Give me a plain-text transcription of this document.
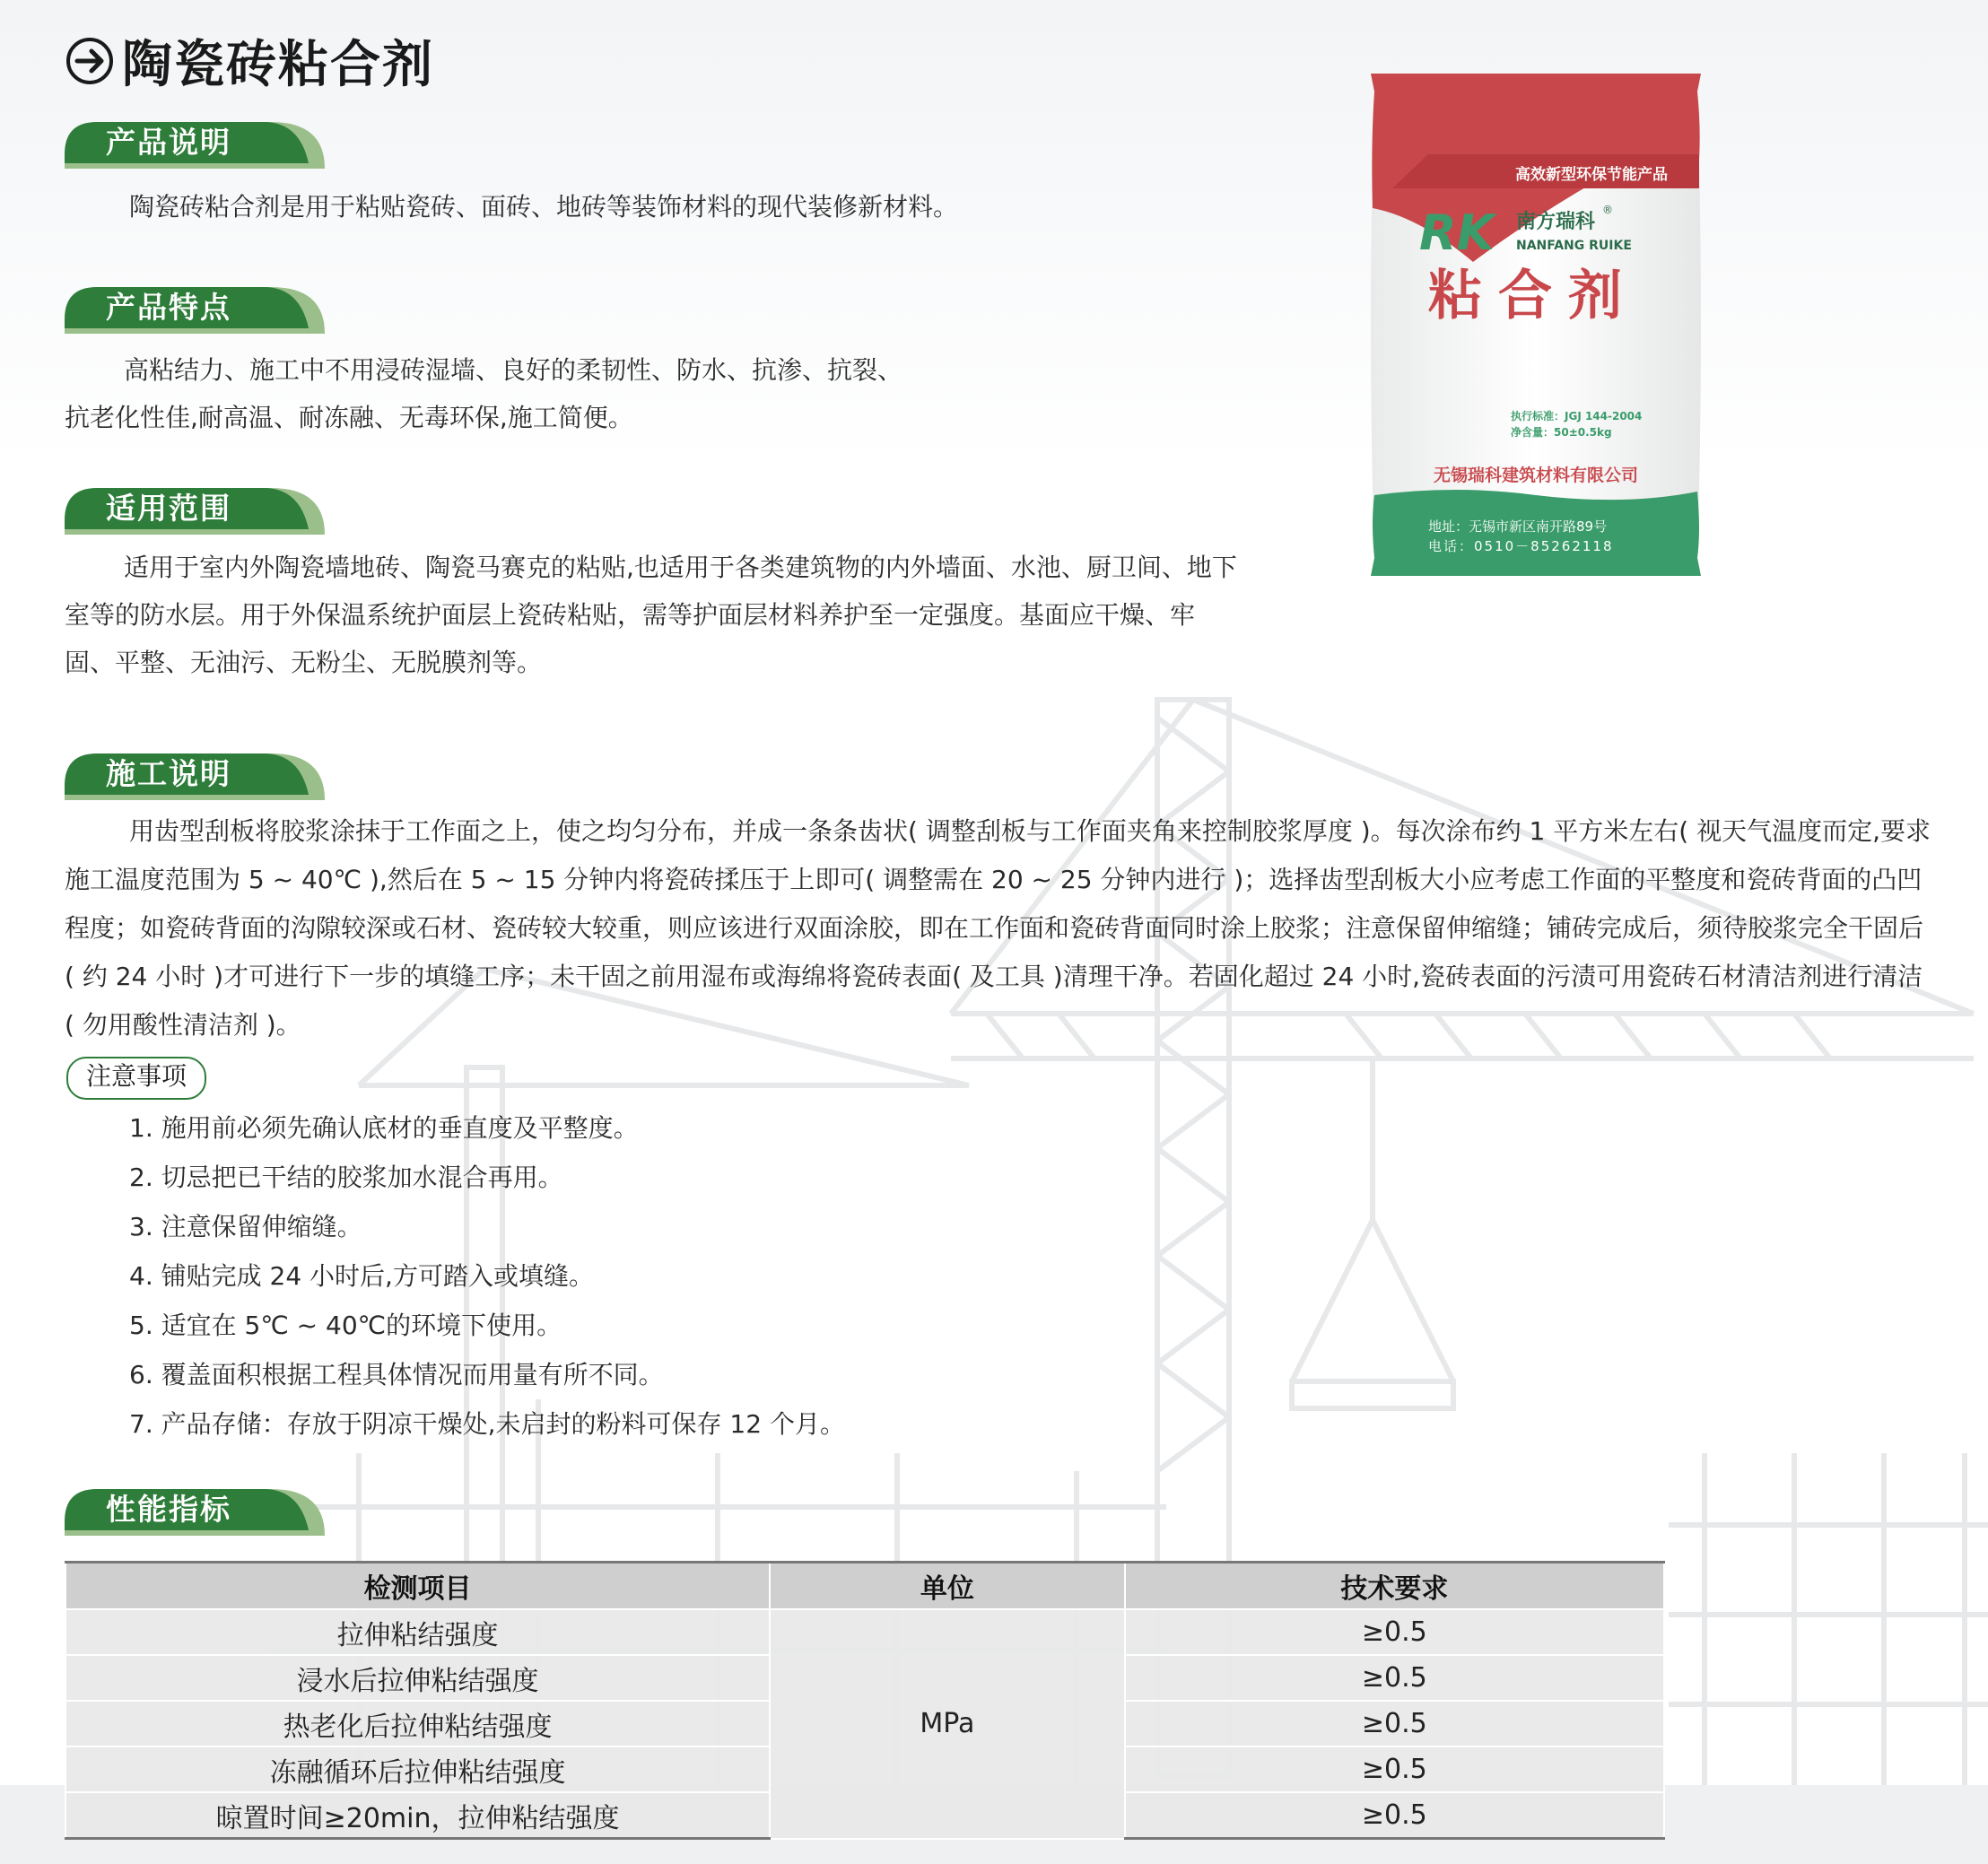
陶瓷砖粘合剂
产品说明

陶瓷砖粘合剂是用于粘贴瓷砖、面砖、地砖等装饰材料的现代装修新材料。

产品特点
高粘结力、施工中不用浸砖湿墙、良好的柔韧性、防水、抗渗、抗裂、
抗老化性佳,耐高温、耐冻融、无毒环保,施工简便。
适用范围

适用于室内外陶瓷墙地砖、陶瓷马赛克的粘贴,也适用于各类建筑物的内外墙面、水池、厨卫间、地下室等的防水层。用于外保温系统护面层上瓷砖粘贴，需等护面层材料养护至一定强度。基面应干燥、牢固、平整、无油污、无粉尘、无脱膜剂等。

施工说明

用齿型刮板将胶浆涂抹于工作面之上，使之均匀分布，并成一条条齿状( 调整刮板与工作面夹角来控制胶浆厚度 )。每次涂布约 1 平方米左右( 视天气温度而定,要求施工温度范围为 5 ~ 40℃ ),然后在 5 ~ 15 分钟内将瓷砖揉压于上即可( 调整需在 20 ~ 25 分钟内进行 )；选择齿型刮板大小应考虑工作面的平整度和瓷砖背面的凸凹程度；如瓷砖背面的沟隙较深或石材、瓷砖较大较重，则应该进行双面涂胶，即在工作面和瓷砖背面同时涂上胶浆；注意保留伸缩缝；铺砖完成后，须待胶浆完全干固后( 约 24 小时 )才可进行下一步的填缝工序；未干固之前用湿布或海绵将瓷砖表面( 及工具 )清理干净。若固化超过 24 小时,瓷砖表面的污渍可用瓷砖石材清洁剂进行清洁( 勿用酸性清洁剂 )。

注意事项
1. 施用前必须先确认底材的垂直度及平整度。
2. 切忌把已干结的胶浆加水混合再用。
3. 注意保留伸缩缝。
4. 铺贴完成 24 小时后,方可踏入或填缝。
5. 适宜在 5℃ ~ 40℃的环境下使用。
6. 覆盖面积根据工程具体情况而用量有所不同。
7. 产品存储：存放于阴凉干燥处,未启封的粉料可保存 12 个月。
性能指标
检测项目	单位	技术要求
拉伸粘结强度	MPa	≥0.5
浸水后拉伸粘结强度		≥0.5
热老化后拉伸粘结强度		≥0.5
冻融循环后拉伸粘结强度		≥0.5
晾置时间≥20min，拉伸粘结强度		≥0.5
高效新型环保节能产品
RK 南方瑞科
®
NANFANG RUIKE
粘合剂
执行标准：JGJ 144-2004
净含量：50±0.5kg
无锡瑞科建筑材料有限公司
地址：无锡市新区南开路89号
电话：0510－85262118
